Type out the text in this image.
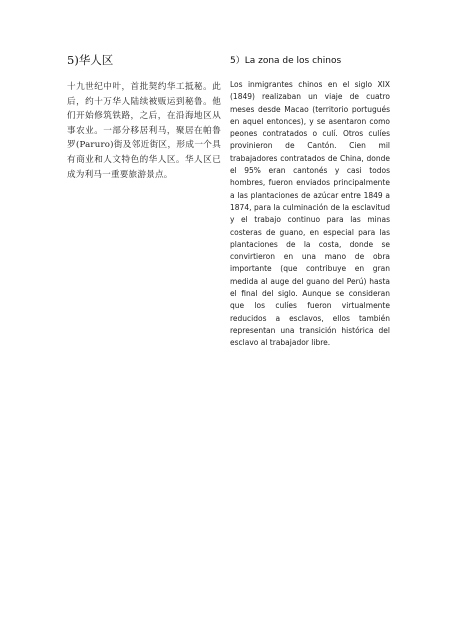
5)华人区

十九世纪中叶，首批契约华工抵秘。此后，约十万华人陆续被贩运到秘鲁。他们开始修筑铁路，之后，在沿海地区从事农业。一部分移居利马，聚居在帕鲁罗(Paruro)街及邻近街区，形成一个具有商业和人文特色的华人区。华人区已成为利马一重要旅游景点。

5）La zona de los chinos

Los inmigrantes chinos en el siglo XIX (1849) realizaban un viaje de cuatro meses desde Macao (territorio portugués en aquel entonces), y se asentaron como peones contratados o culí. Otros culíes provinieron de Cantón. Cien mil trabajadores contratados de China, donde el 95% eran cantonés y casi todos hombres, fueron enviados principalmente a las plantaciones de azúcar entre 1849 a 1874, para la culminación de la esclavitud y el trabajo continuo para las minas costeras de guano, en especial para las plantaciones de la costa, donde se convirtieron en una mano de obra importante (que contribuye en gran medida al auge del guano del Perú) hasta el final del siglo. Aunque se consideran que los culíes fueron virtualmente reducidos a esclavos, ellos también representan una transición histórica del esclavo al trabajador libre.
